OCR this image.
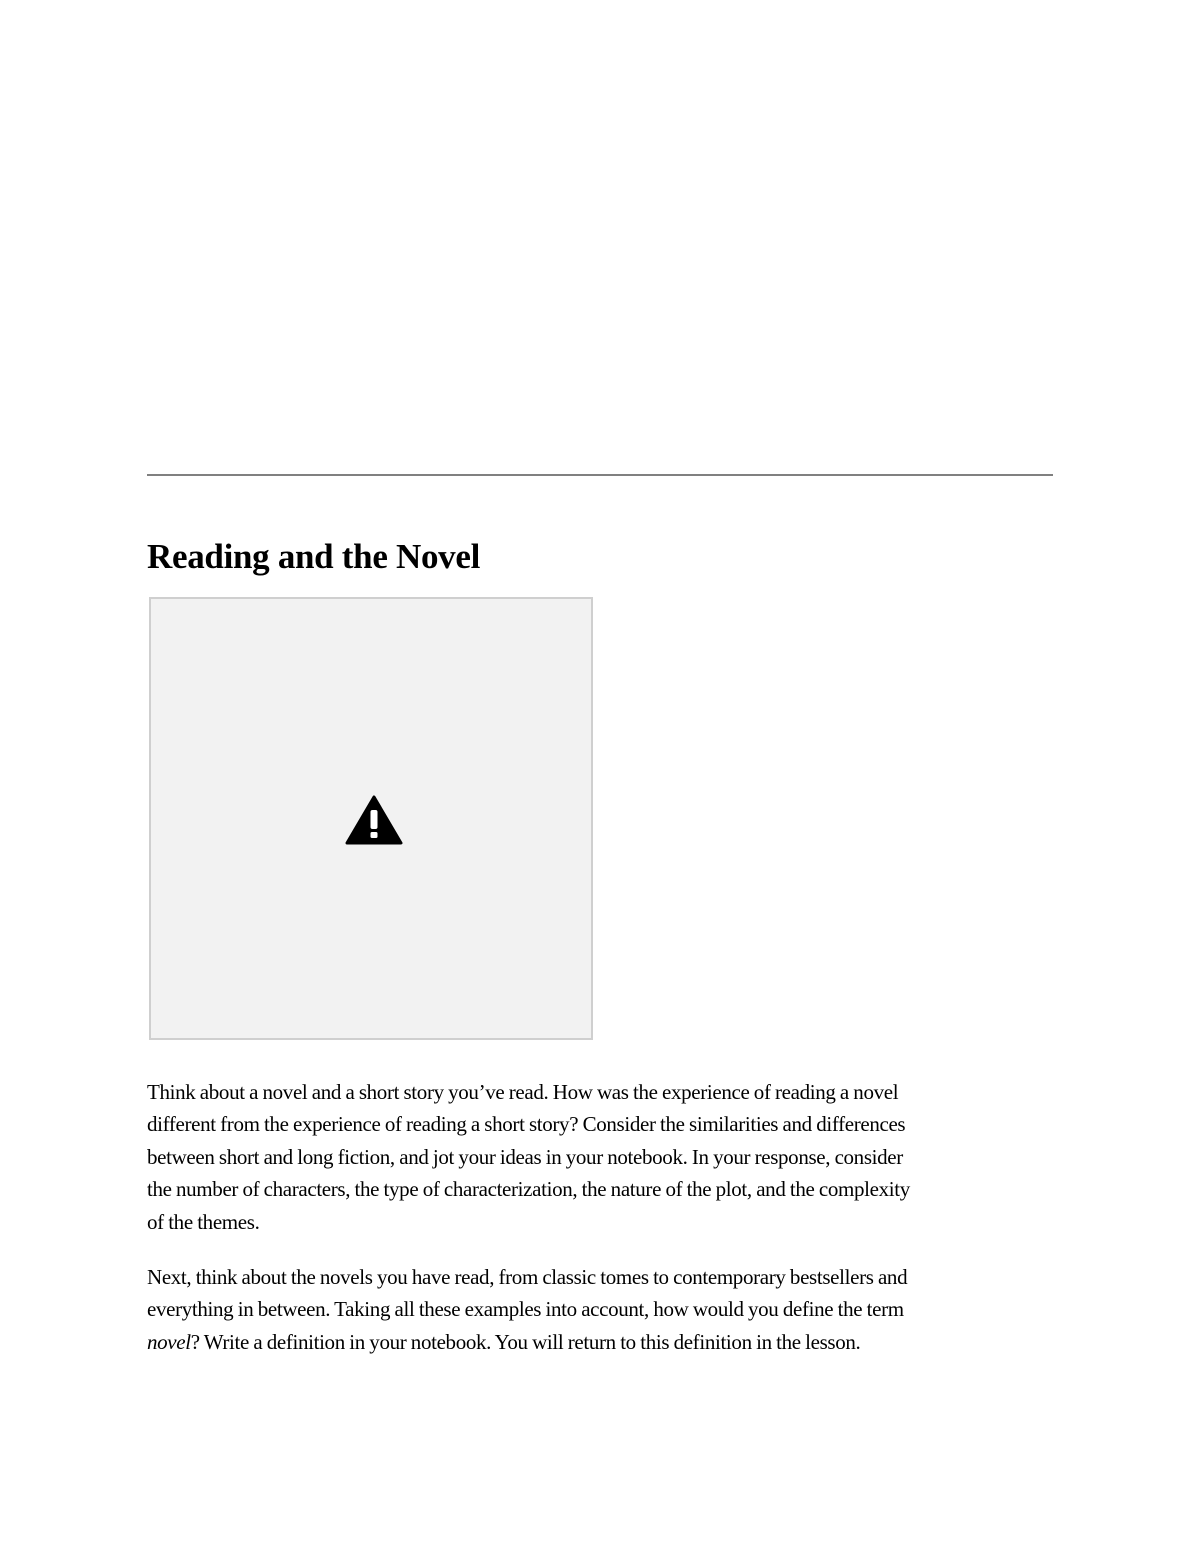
Reading and the Novel
Think about a novel and a short story you’ve read. How was the experience of reading a novel
different from the experience of reading a short story? Consider the similarities and differences
between short and long fiction, and jot your ideas in your notebook. In your response, consider
the number of characters, the type of characterization, the nature of the plot, and the complexity
of the themes.
Next, think about the novels you have read, from classic tomes to contemporary bestsellers and
everything in between. Taking all these examples into account, how would you define the term
novel? Write a definition in your notebook. You will return to this definition in the lesson.
